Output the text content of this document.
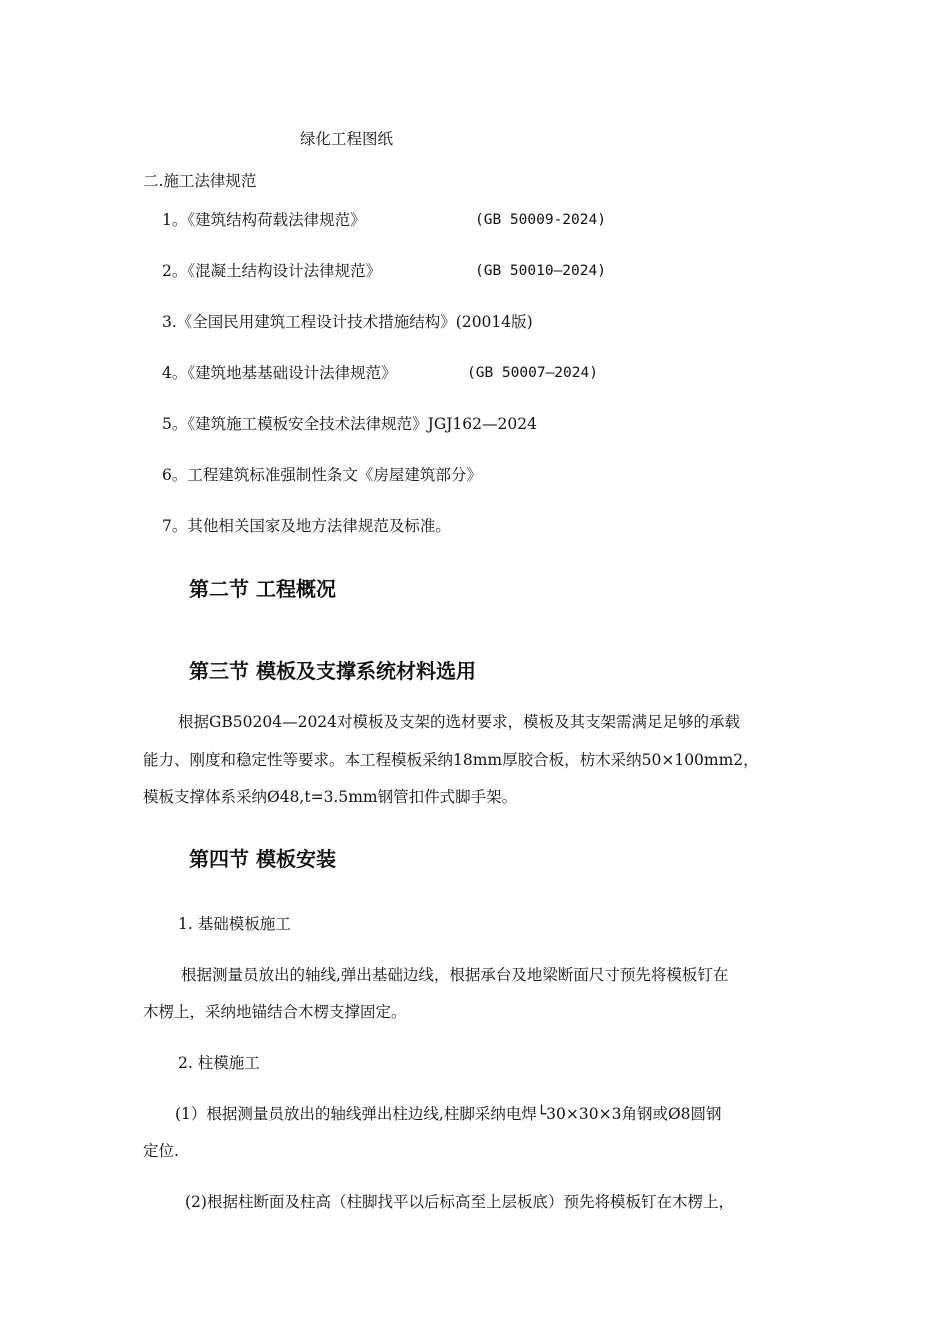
绿化工程图纸
二.施工法律规范
1。《建筑结构荷载法律规范》	(GB 50009-2024)
2。《混凝土结构设计法律规范》	(GB 50010—2024)
3.《全国民用建筑工程设计技术措施结构》(20014版)
4。《建筑地基基础设计法律规范》	(GB 50007—2024)
5。《建筑施工模板安全技术法律规范》JGJ162—2024
6。工程建筑标准强制性条文《房屋建筑部分》
7。其他相关国家及地方法律规范及标准。
第二节 工程概况
第三节 模板及支撑系统材料选用
根据GB50204—2024对模板及支架的选材要求，模板及其支架需满足足够的承载
能力、刚度和稳定性等要求。本工程模板采纳18mm厚胶合板，枋木采纳50×100mm2，
模板支撑体系采纳Ø48,t=3.5mm钢管扣件式脚手架。
第四节 模板安装
1. 基础模板施工
根据测量员放出的轴线,弹出基础边线，根据承台及地梁断面尺寸预先将模板钉在
木楞上，采纳地锚结合木楞支撑固定。
2. 柱模施工
(1）根据测量员放出的轴线弹出柱边线,柱脚采纳电焊└30×30×3角钢或Ø8圆钢
定位.
(2)根据柱断面及柱高（柱脚找平以后标高至上层板底）预先将模板钉在木楞上，
